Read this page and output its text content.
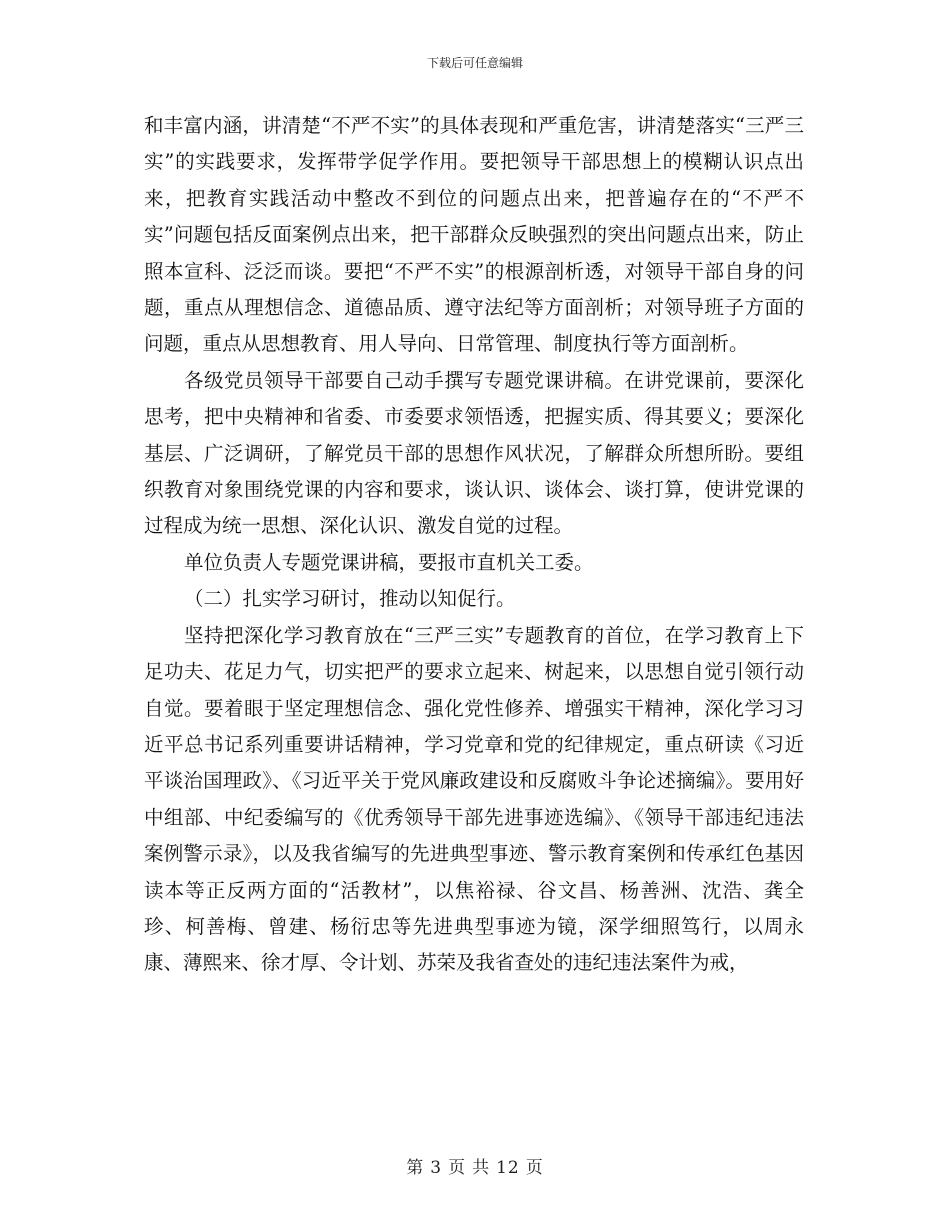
下载后可任意编辑

和丰富内涵，讲清楚“不严不实”的具体表现和严重危害，讲清楚落实“三严三实”的实践要求，发挥带学促学作用。要把领导干部思想上的模糊认识点出来，把教育实践活动中整改不到位的问题点出来，把普遍存在的“不严不实”问题包括反面案例点出来，把干部群众反映强烈的突出问题点出来，防止照本宣科、泛泛而谈。要把“不严不实”的根源剖析透，对领导干部自身的问题，重点从理想信念、道德品质、遵守法纪等方面剖析；对领导班子方面的问题，重点从思想教育、用人导向、日常管理、制度执行等方面剖析。

各级党员领导干部要自己动手撰写专题党课讲稿。在讲党课前，要深化思考，把中央精神和省委、市委要求领悟透，把握实质、得其要义；要深化基层、广泛调研，了解党员干部的思想作风状况，了解群众所想所盼。要组织教育对象围绕党课的内容和要求，谈认识、谈体会、谈打算，使讲党课的过程成为统一思想、深化认识、激发自觉的过程。

单位负责人专题党课讲稿，要报市直机关工委。

（二）扎实学习研讨，推动以知促行。

坚持把深化学习教育放在“三严三实”专题教育的首位，在学习教育上下足功夫、花足力气，切实把严的要求立起来、树起来，以思想自觉引领行动自觉。要着眼于坚定理想信念、强化党性修养、增强实干精神，深化学习习近平总书记系列重要讲话精神，学习党章和党的纪律规定，重点研读《习近平谈治国理政》、《习近平关于党风廉政建设和反腐败斗争论述摘编》。要用好中组部、中纪委编写的《优秀领导干部先进事迹选编》、《领导干部违纪违法案例警示录》，以及我省编写的先进典型事迹、警示教育案例和传承红色基因读本等正反两方面的“活教材”，以焦裕禄、谷文昌、杨善洲、沈浩、龚全珍、柯善梅、曾建、杨衍忠等先进典型事迹为镜，深学细照笃行，以周永康、薄熙来、徐才厚、令计划、苏荣及我省查处的违纪违法案件为戒，

第 3 页 共 12 页
